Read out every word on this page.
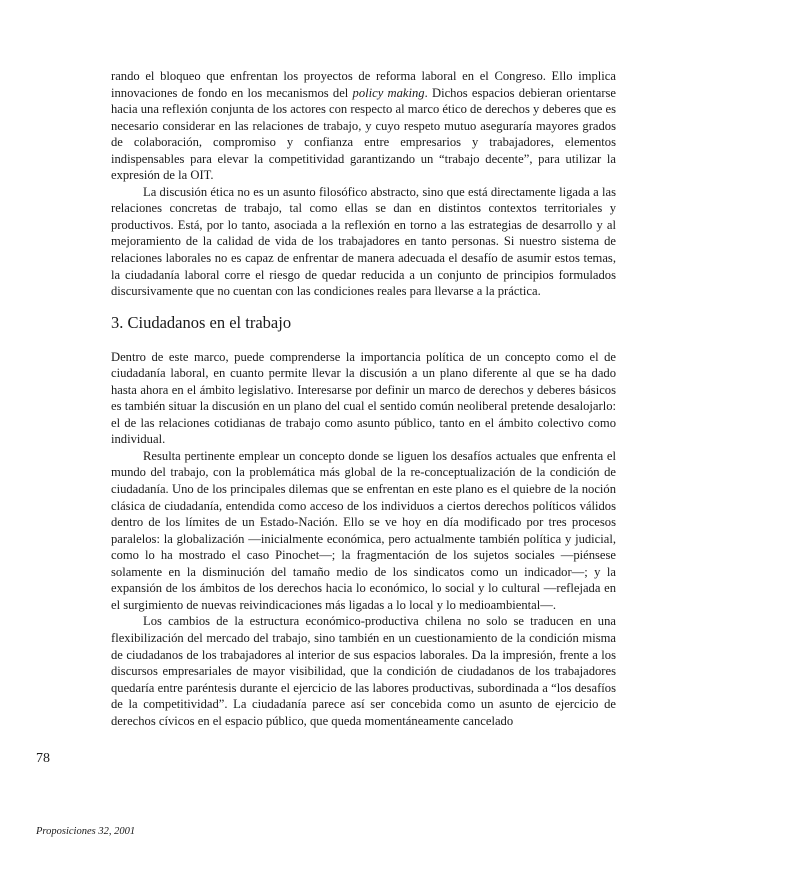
rando el bloqueo que enfrentan los proyectos de reforma laboral en el Congreso. Ello implica innovaciones de fondo en los mecanismos del policy making. Dichos espacios debieran orientarse hacia una reflexión conjunta de los actores con respecto al marco ético de derechos y deberes que es necesario considerar en las relaciones de trabajo, y cuyo respeto mutuo aseguraría mayores grados de colaboración, compromiso y confianza entre empresarios y trabajadores, elementos indispensables para elevar la competitividad garantizando un “trabajo decente”, para utilizar la expresión de la OIT.

La discusión ética no es un asunto filosófico abstracto, sino que está directamente ligada a las relaciones concretas de trabajo, tal como ellas se dan en distintos contextos territoriales y productivos. Está, por lo tanto, asociada a la reflexión en torno a las estrategias de desarrollo y al mejoramiento de la calidad de vida de los trabajadores en tanto personas. Si nuestro sistema de relaciones laborales no es capaz de enfrentar de manera adecuada el desafío de asumir estos temas, la ciudadanía laboral corre el riesgo de quedar reducida a un conjunto de principios formulados discursivamente que no cuentan con las condiciones reales para llevarse a la práctica.

3. Ciudadanos en el trabajo

Dentro de este marco, puede comprenderse la importancia política de un concepto como el de ciudadanía laboral, en cuanto permite llevar la discusión a un plano diferente al que se ha dado hasta ahora en el ámbito legislativo. Interesarse por definir un marco de derechos y deberes básicos es también situar la discusión en un plano del cual el sentido común neoliberal pretende desalojarlo: el de las relaciones cotidianas de trabajo como asunto público, tanto en el ámbito colectivo como individual.

Resulta pertinente emplear un concepto donde se liguen los desafíos actuales que enfrenta el mundo del trabajo, con la problemática más global de la re-conceptualización de la condición de ciudadanía. Uno de los principales dilemas que se enfrentan en este plano es el quiebre de la noción clásica de ciudadanía, entendida como acceso de los individuos a ciertos derechos políticos válidos dentro de los límites de un Estado-Nación. Ello se ve hoy en día modificado por tres procesos paralelos: la globalización —inicialmente económica, pero actualmente también política y judicial, como lo ha mostrado el caso Pinochet—; la fragmentación de los sujetos sociales —piénsese solamente en la disminución del tamaño medio de los sindicatos como un indicador—; y la expansión de los ámbitos de los derechos hacia lo económico, lo social y lo cultural —reflejada en el surgimiento de nuevas reivindicaciones más ligadas a lo local y lo medioambiental—.

Los cambios de la estructura económico-productiva chilena no solo se traducen en una flexibilización del mercado del trabajo, sino también en un cuestionamiento de la condición misma de ciudadanos de los trabajadores al interior de sus espacios laborales. Da la impresión, frente a los discursos empresariales de mayor visibilidad, que la condición de ciudadanos de los trabajadores quedaría entre paréntesis durante el ejercicio de las labores productivas, subordinada a “los desafíos de la competitividad”. La ciudadanía parece así ser concebida como un asunto de ejercicio de derechos cívicos en el espacio público, que queda momentáneamente cancelado

78
Proposiciones 32, 2001
